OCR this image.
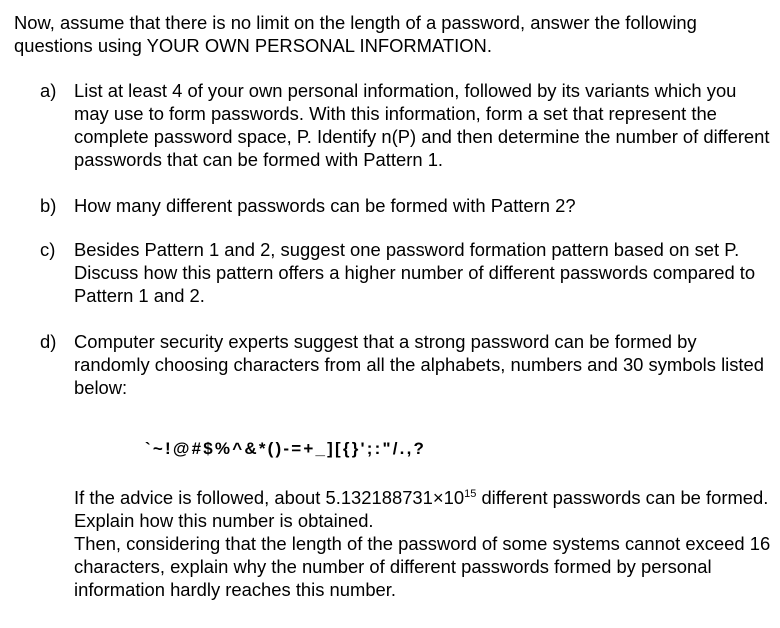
Now, assume that there is no limit on the length of a password, answer the following questions using YOUR OWN PERSONAL INFORMATION.
a) List at least 4 of your own personal information, followed by its variants which you may use to form passwords. With this information, form a set that represent the complete password space, P. Identify n(P) and then determine the number of different passwords that can be formed with Pattern 1.
b) How many different passwords can be formed with Pattern 2?
c) Besides Pattern 1 and 2, suggest one password formation pattern based on set P. Discuss how this pattern offers a higher number of different passwords compared to Pattern 1 and 2.
d) Computer security experts suggest that a strong password can be formed by randomly choosing characters from all the alphabets, numbers and 30 symbols listed below:
`~!@#$%^&*()-=+_][{}';:"/.,?

If the advice is followed, about $5.132188731\times 10^{15}$ different passwords can be formed. Explain how this number is obtained.

Then, considering that the length of the password of some systems cannot exceed 16 characters, explain why the number of different passwords formed by personal information hardly reaches this number.
